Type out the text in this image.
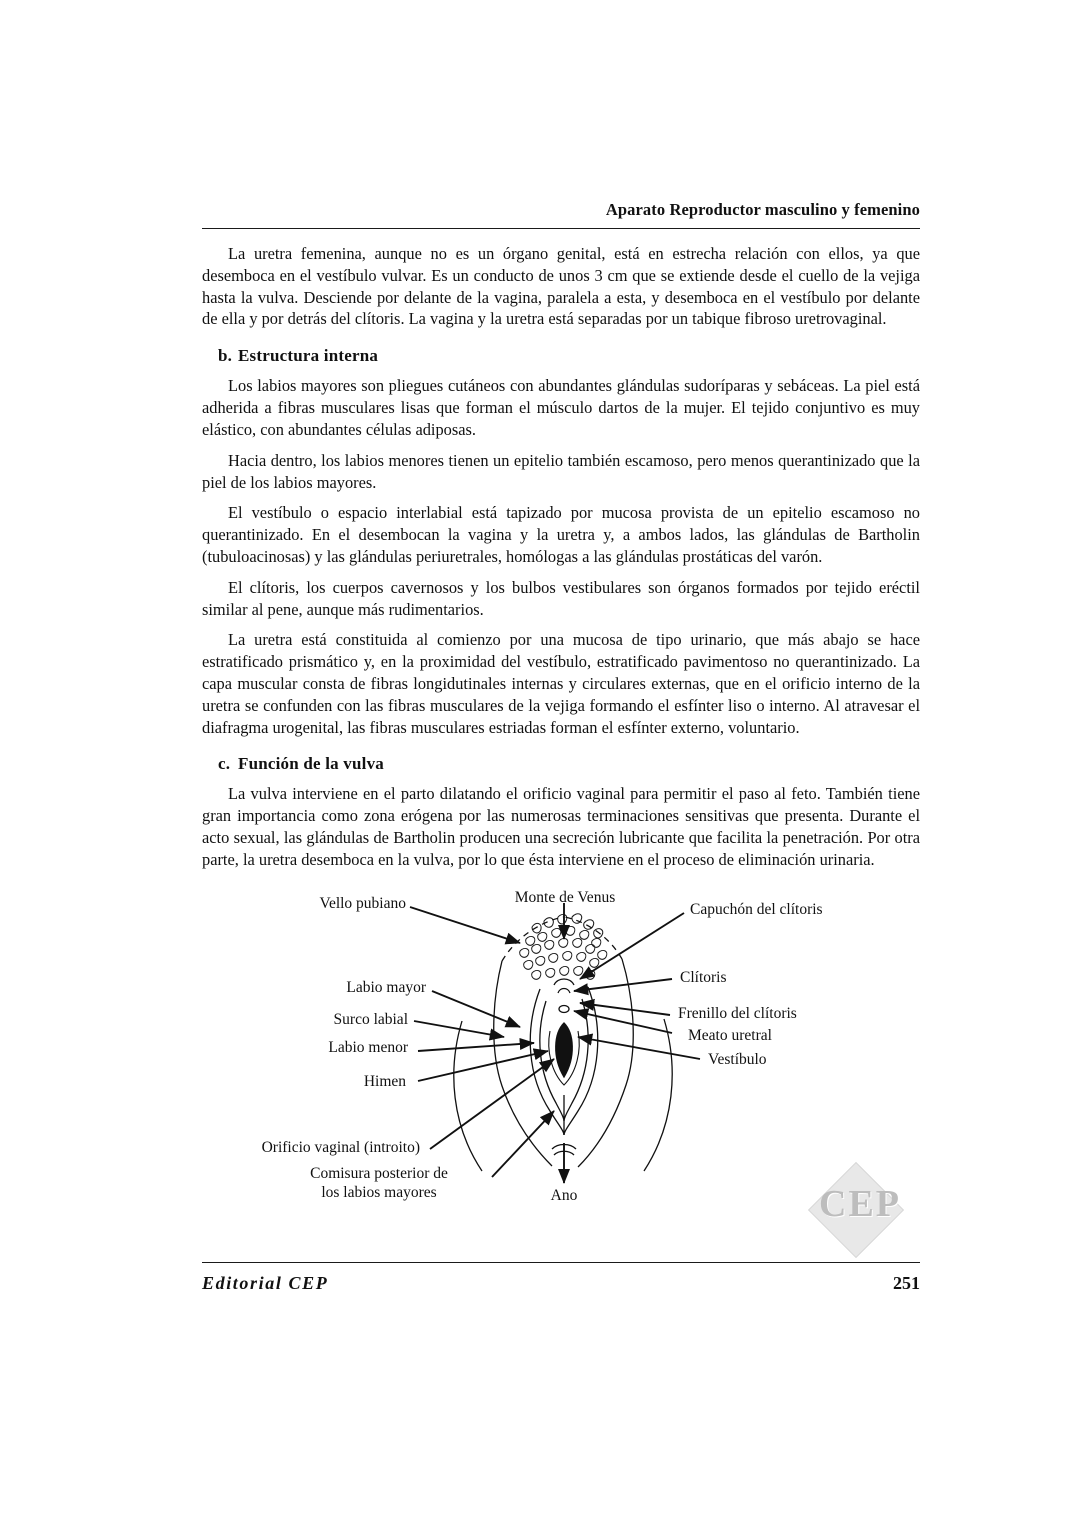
Aparato Reproductor masculino y femenino

La uretra femenina, aunque no es un órgano genital, está en estrecha relación con ellos, ya que desemboca en el vestíbulo vulvar. Es un conducto de unos 3 cm que se extiende desde el cuello de la vejiga hasta la vulva. Desciende por delante de la vagina, paralela a esta, y desemboca en el vestíbulo por delante de ella y por detrás del clítoris. La vagina y la uretra está separadas por un tabique fibroso uretrovaginal.

b. Estructura interna

Los labios mayores son pliegues cutáneos con abundantes glándulas sudoríparas y sebáceas. La piel está adherida a fibras musculares lisas que forman el músculo dartos de la mujer. El tejido conjuntivo es muy elástico, con abundantes células adiposas.

Hacia dentro, los labios menores tienen un epitelio también escamoso, pero menos querantinizado que la piel de los labios mayores.

El vestíbulo o espacio interlabial está tapizado por mucosa provista de un epitelio escamoso no querantinizado. En el desembocan la vagina y la uretra y, a ambos lados, las glándulas de Bartholin (tubuloacinosas) y las glándulas periuretrales, homólogas a las glándulas prostáticas del varón.

El clítoris, los cuerpos cavernosos y los bulbos vestibulares son órganos formados por tejido eréctil similar al pene, aunque más rudimentarios.

La uretra está constituida al comienzo por una mucosa de tipo urinario, que más abajo se hace estratificado prismático y, en la proximidad del vestíbulo, estratificado pavimentoso no querantinizado. La capa muscular consta de fibras longidutinales internas y circulares externas, que en el orificio interno de la uretra se confunden con las fibras musculares de la vejiga formando el esfínter liso o interno. Al atravesar el diafragma urogenital, las fibras musculares estriadas forman el esfínter externo, voluntario.

c. Función de la vulva

La vulva interviene en el parto dilatando el orificio vaginal para permitir el paso al feto. También tiene gran importancia como zona erógena por las numerosas terminaciones sensitivas que presenta. Durante el acto sexual, las glándulas de Bartholin producen una secreción lubricante que facilita la penetración. Por otra parte, la uretra desemboca en la vulva, por lo que ésta interviene en el proceso de eliminación urinaria.

Monte de Venus
Vello pubiano	Capuchón del clítoris
Clítoris
Labio mayor
Frenillo del clítoris
Surco labial
Meato uretral
Labio menor
Vestíbulo
Himen
Orificio vaginal (introito)
Comisura posterior de
los labios mayores	Ano	CEP
Editorial CEP	251
